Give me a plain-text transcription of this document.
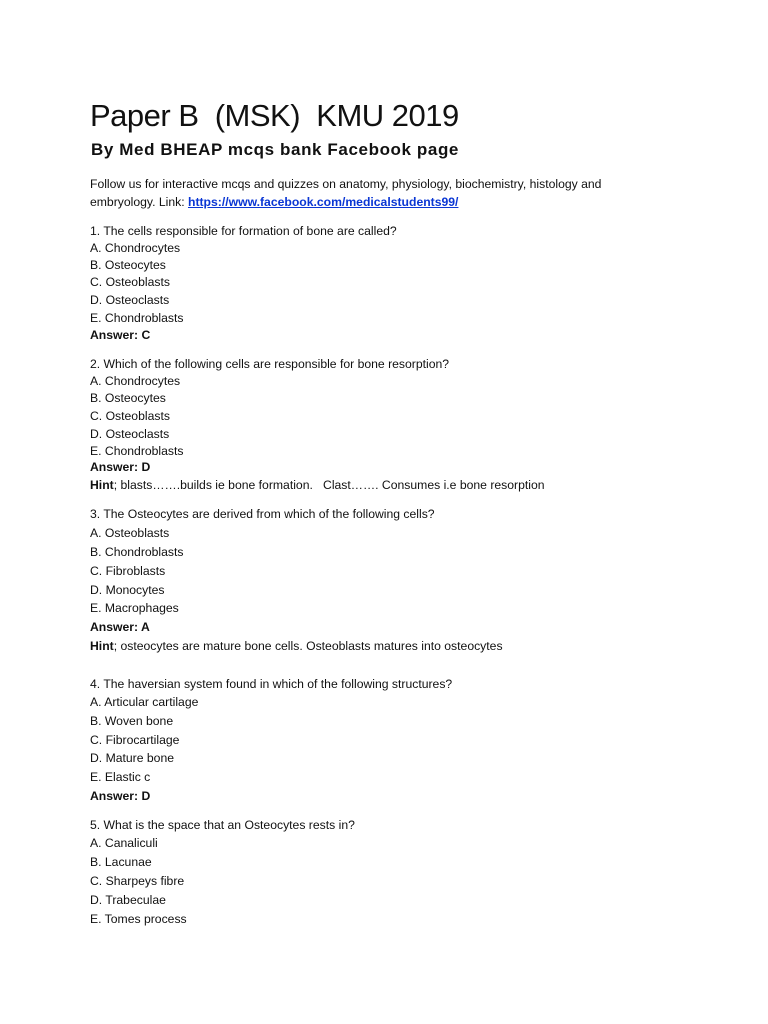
Paper B  (MSK)  KMU 2019
By Med BHEAP mcqs bank Facebook page
Follow us for interactive mcqs and quizzes on anatomy, physiology, biochemistry, histology and embryology. Link: https://www.facebook.com/medicalstudents99/
1. The cells responsible for formation of bone are called?
A. Chondrocytes
B. Osteocytes
C. Osteoblasts
D. Osteoclasts
E. Chondroblasts
Answer: C
2. Which of the following cells are responsible for bone resorption?
A. Chondrocytes
B. Osteocytes
C. Osteoblasts
D. Osteoclasts
E. Chondroblasts
Answer: D
Hint; blasts…….builds ie bone formation.   Clast……. Consumes i.e bone resorption
3. The Osteocytes are derived from which of the following cells?
A. Osteoblasts
B. Chondroblasts
C. Fibroblasts
D. Monocytes
E. Macrophages
Answer: A
Hint; osteocytes are mature bone cells. Osteoblasts matures into osteocytes
4. The haversian system found in which of the following structures?
A. Articular cartilage
B. Woven bone
C. Fibrocartilage
D. Mature bone
E. Elastic c
Answer: D
5. What is the space that an Osteocytes rests in?
A. Canaliculi
B. Lacunae
C. Sharpeys fibre
D. Trabeculae
E. Tomes process
